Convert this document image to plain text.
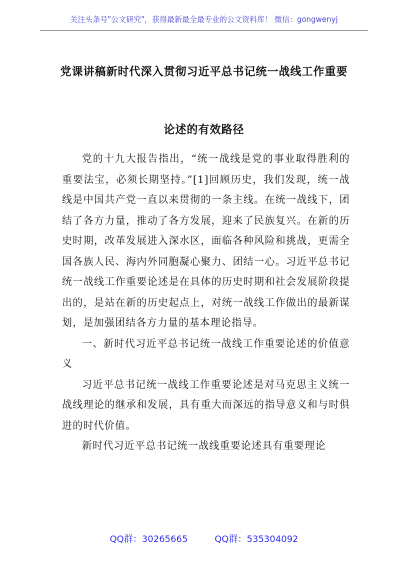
关注头条号"公文研究"，获得最新最全最专业的公文资料库！ 微信：gongwenyj
党课讲稿新时代深入贯彻习近平总书记统一战线工作重要
论述的有效路径

党的十九大报告指出，“统一战线是党的事业取得胜利的重要法宝，必须长期坚持。”[1]回顾历史，我们发现，统一战线是中国共产党一直以来贯彻的一条主线。在统一战线下，团结了各方力量，推动了各方发展，迎来了民族复兴。在新的历史时期，改革发展进入深水区，面临各种风险和挑战，更需全国各族人民、海内外同胞凝心聚力、团结一心。习近平总书记统一战线工作重要论述是在具体的历史时期和社会发展阶段提出的，是站在新的历史起点上，对统一战线工作做出的最新谋划，是加强团结各方力量的基本理论指导。

一、新时代习近平总书记统一战线工作重要论述的价值意义

习近平总书记统一战线工作重要论述是对马克思主义统一战线理论的继承和发展，具有重大而深远的指导意义和与时俱进的时代价值。

新时代习近平总书记统一战线重要论述具有重要理论

QQ群：30265665	QQ群：535304092
